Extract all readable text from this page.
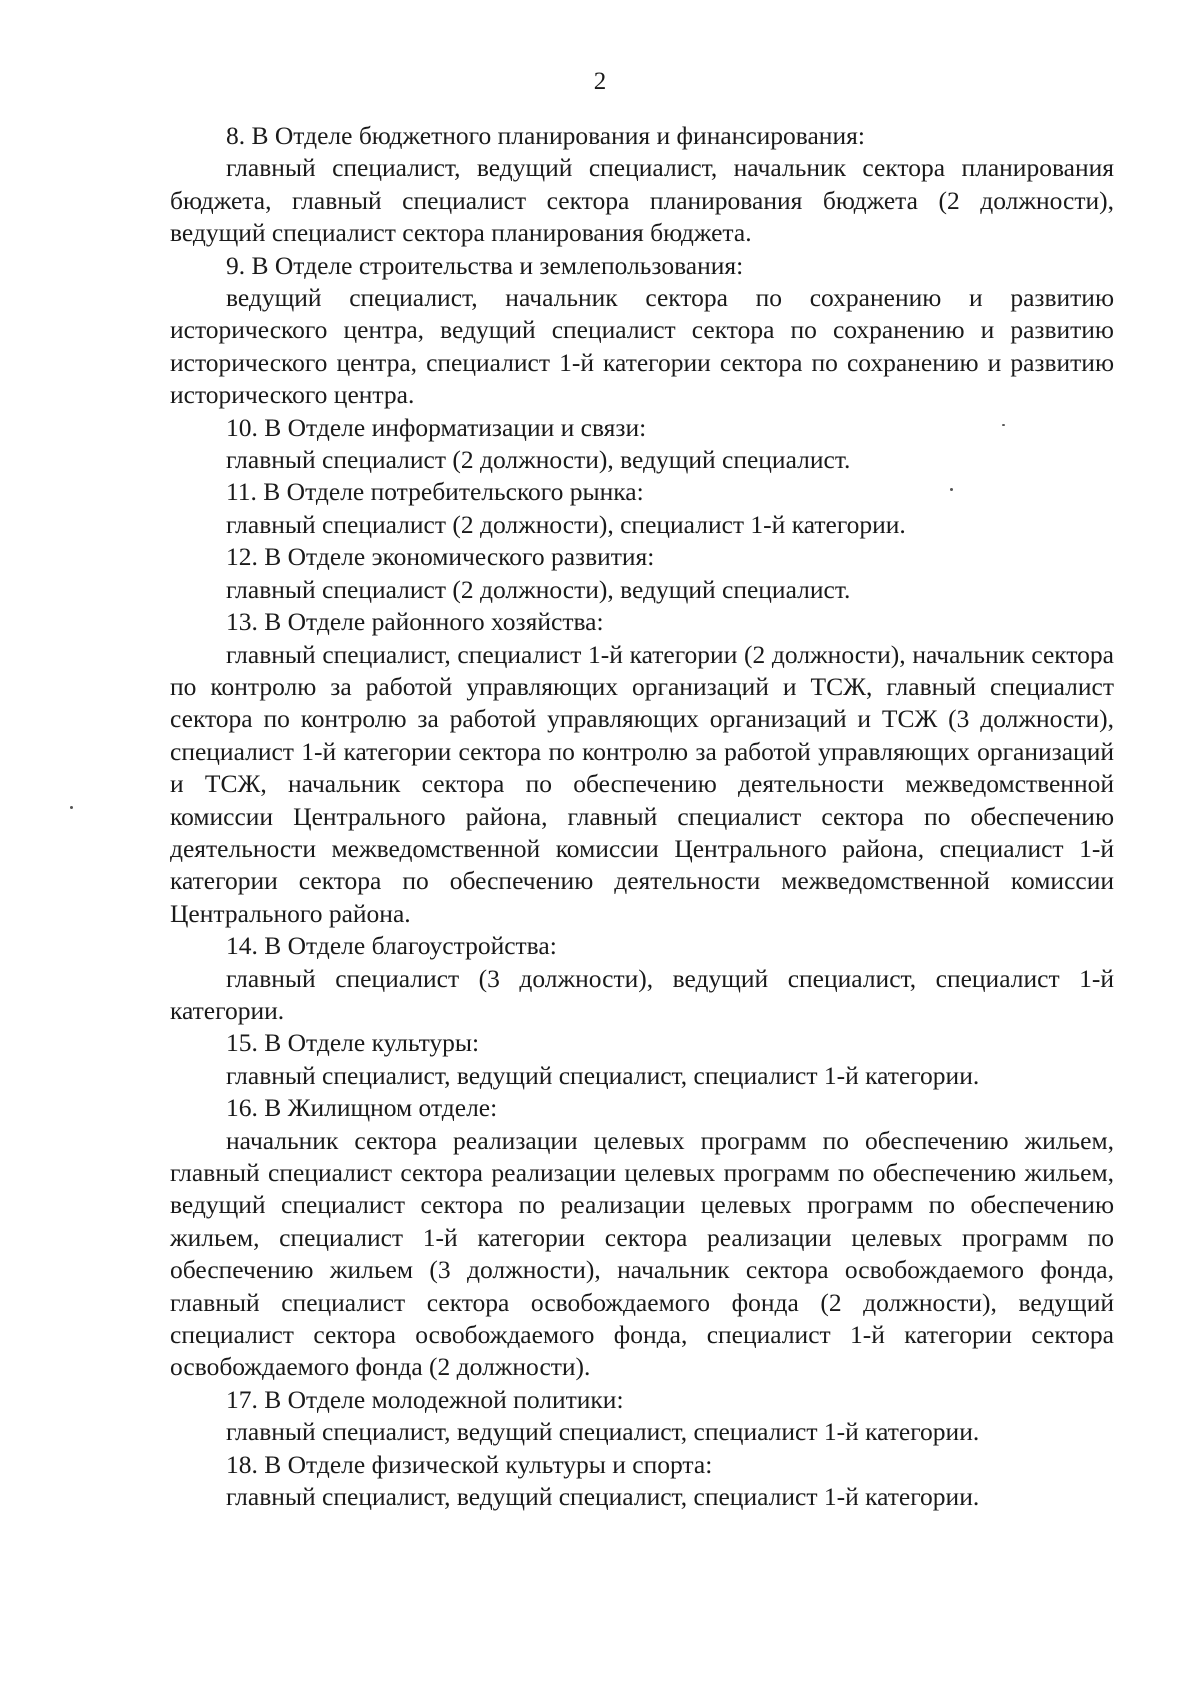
2

8. В Отделе бюджетного планирования и финансирования:

главный специалист, ведущий специалист, начальник сектора планирования бюджета, главный специалист сектора планирования бюджета (2 должности), ведущий специалист сектора планирования бюджета.

9. В Отделе строительства и землепользования:

ведущий специалист, начальник сектора по сохранению и развитию исторического центра, ведущий специалист сектора по сохранению и развитию исторического центра, специалист 1-й категории сектора по сохранению и развитию исторического центра.

10. В Отделе информатизации и связи:

главный специалист (2 должности), ведущий специалист.

11. В Отделе потребительского рынка:

главный специалист (2 должности), специалист 1-й категории.

12. В Отделе экономического развития:

главный специалист (2 должности), ведущий специалист.

13. В Отделе районного хозяйства:

главный специалист, специалист 1-й категории (2 должности), начальник сектора по контролю за работой управляющих организаций и ТСЖ, главный специалист сектора по контролю за работой управляющих организаций и ТСЖ (3 должности), специалист 1-й категории сектора по контролю за работой управляющих организаций и ТСЖ, начальник сектора по обеспечению деятельности межведомственной комиссии Центрального района, главный специалист сектора по обеспечению деятельности межведомственной комиссии Центрального района, специалист 1-й категории сектора по обеспечению деятельности межведомственной комиссии Центрального района.

14. В Отделе благоустройства:

главный специалист (3 должности), ведущий специалист, специалист 1-й категории.

15. В Отделе культуры:

главный специалист, ведущий специалист, специалист 1-й категории.

16. В Жилищном отделе:

начальник сектора реализации целевых программ по обеспечению жильем, главный специалист сектора реализации целевых программ по обеспечению жильем, ведущий специалист сектора по реализации целевых программ по обеспечению жильем, специалист 1-й категории сектора реализации целевых программ по обеспечению жильем (3 должности), начальник сектора освобождаемого фонда, главный специалист сектора освобождаемого фонда (2 должности), ведущий специалист сектора освобождаемого фонда, специалист 1-й категории сектора освобождаемого фонда (2 должности).

17. В Отделе молодежной политики:

главный специалист, ведущий специалист, специалист 1-й категории.

18. В Отделе физической культуры и спорта:

главный специалист, ведущий специалист, специалист 1-й категории.
